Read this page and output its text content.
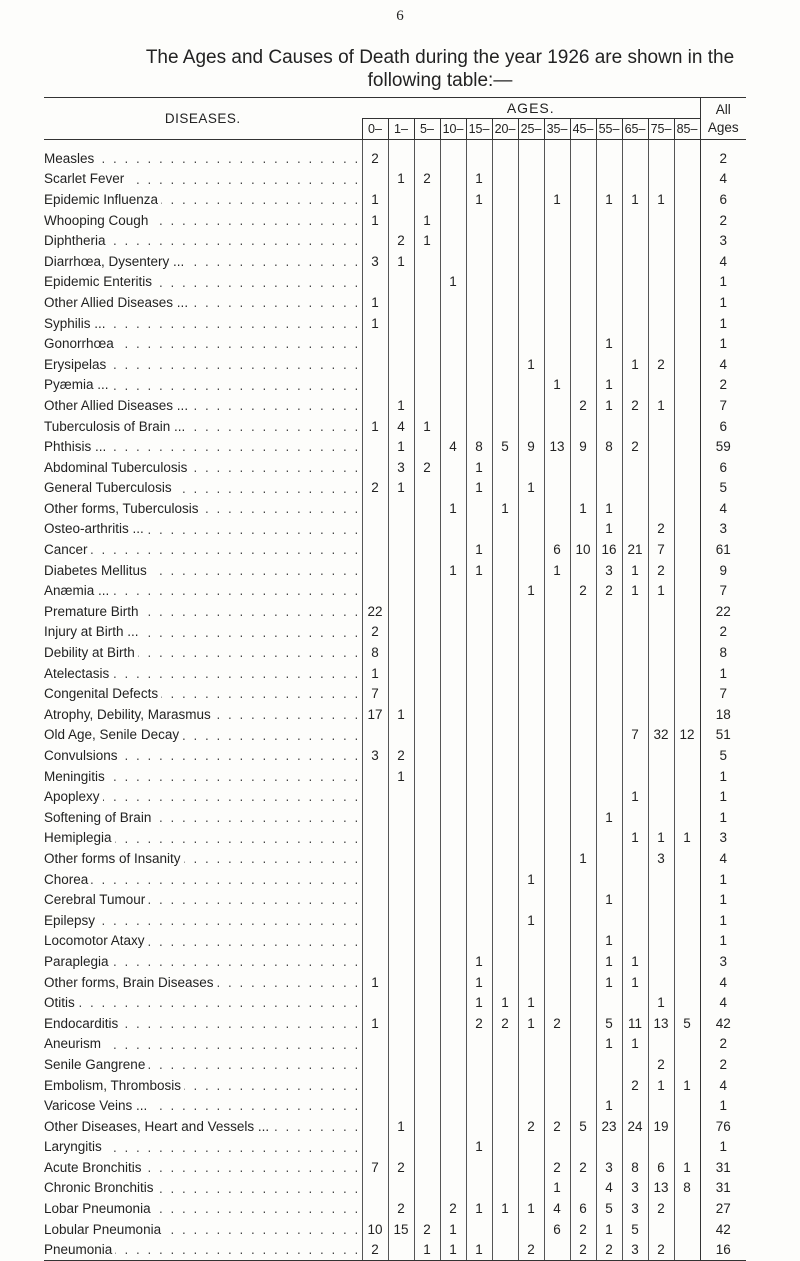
6
The Ages and Causes of Death during the year 1926 are shown in the following table:—
DISEASES.	AGES.													All Ages
	0–	1–	5–	10–	15–	20–	25–	35–	45–	55–	65–	75–	85–	
. . .														
Measles . . .	2													2
Scarlet Fever . . .		1	2		1									4
Epidemic Influenza . . .	1				1			1		1	1	1		6
Whooping Cough . . .	1		1											2
Diphtheria . . .		2	1											3
Diarrhœa, Dysentery ... . . .	3	1												4
Epidemic Enteritis . . .				1										1
Other Allied Diseases ... . . .	1													1
Syphilis ... . . .	1													1
Gonorrhœa . . .										1				1
Erysipelas . . .							1				1	2		4
Pyæmia ... . . .								1		1				2
Other Allied Diseases ... . . .		1							2	1	2	1		7
Tuberculosis of Brain ... . . .	1	4	1											6
Phthisis ... . . .		1		4	8	5	9	13	9	8	2			59
Abdominal Tuberculosis . . .		3	2		1									6
General Tuberculosis . . .	2	1			1		1							5
Other forms, Tuberculosis . . .				1		1			1	1				4
Osteo-arthritis ... . . .										1		2		3
Cancer . . .					1			6	10	16	21	7		61
Diabetes Mellitus . . .				1	1			1		3	1	2		9
Anæmia ... . . .							1		2	2	1	1		7
Premature Birth . . .	22													22
Injury at Birth ... . . .	2													2
Debility at Birth . . .	8													8
Atelectasis . . .	1													1
Congenital Defects . . .	7													7
Atrophy, Debility, Marasmus . . .	17	1												18
Old Age, Senile Decay . . .											7	32	12	51
Convulsions . . .	3	2												5
Meningitis . . .		1												1
Apoplexy . . .											1			1
Softening of Brain . . .										1				1
Hemiplegia . . .											1	1	1	3
Other forms of Insanity . . .									1			3		4
Chorea . . .							1							1
Cerebral Tumour . . .										1				1
Epilepsy . . .							1							1
Locomotor Ataxy . . .										1				1
Paraplegia . . .					1					1	1			3
Other forms, Brain Diseases . . .	1				1					1	1			4
Otitis . . .					1	1	1					1		4
Endocarditis . . .	1				2	2	1	2		5	11	13	5	42
Aneurism . . .										1	1			2
Senile Gangrene . . .												2		2
Embolism, Thrombosis . . .											2	1	1	4
Varicose Veins ... . . .										1				1
Other Diseases, Heart and Vessels ... . . .		1					2	2	5	23	24	19		76
Laryngitis . . .					1									1
Acute Bronchitis . . .	7	2						2	2	3	8	6	1	31
Chronic Bronchitis . . .								1		4	3	13	8	31
Lobar Pneumonia . . .		2		2	1	1	1	4	6	5	3	2		27
Lobular Pneumonia . . .	10	15	2	1				6	2	1	5			42
Pneumonia . . .	2		1	1	1		2		2	2	3	2		16
